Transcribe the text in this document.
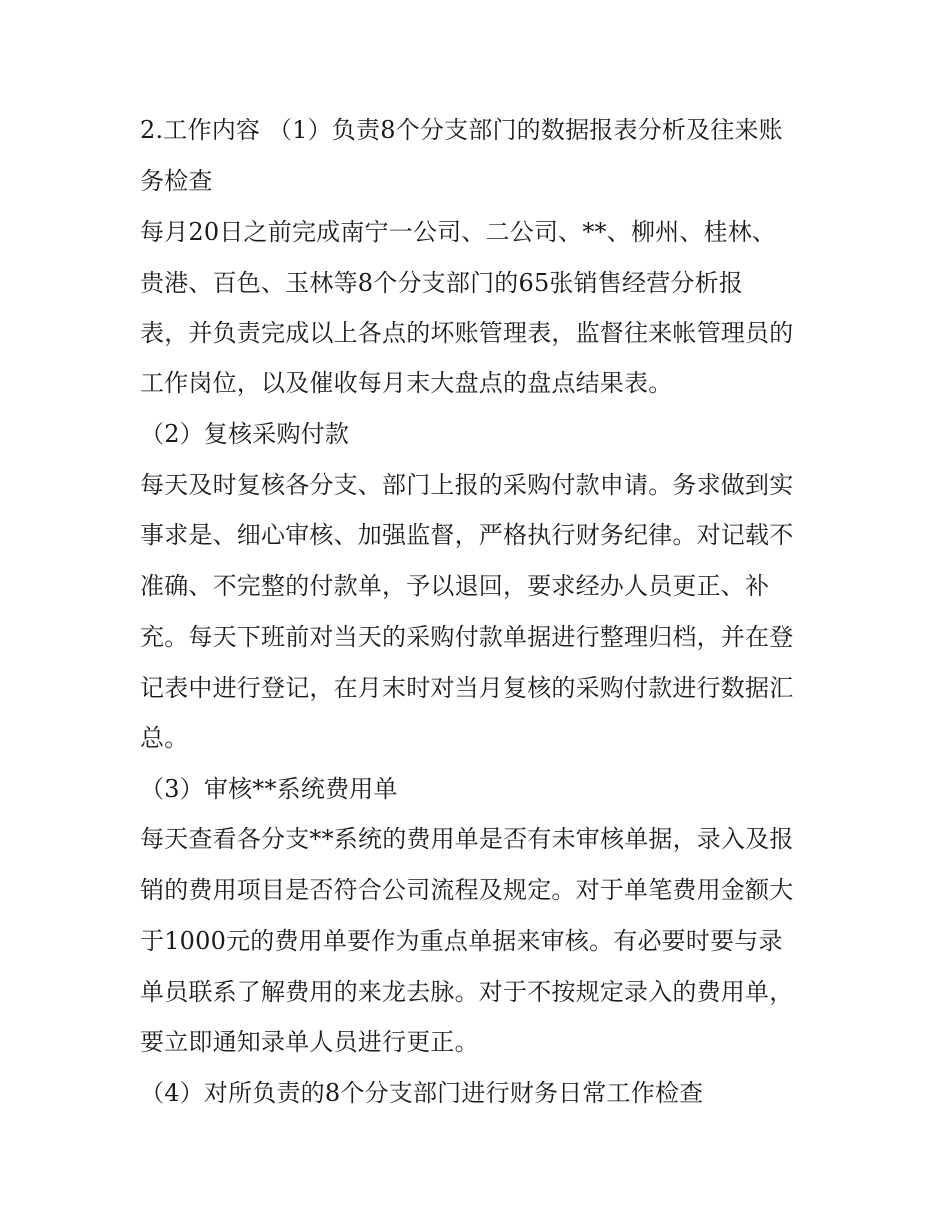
2.工作内容 （1）负责8个分支部门的数据报表分析及往来账
务检查
每月20日之前完成南宁一公司、二公司、**、柳州、桂林、
贵港、百色、玉林等8个分支部门的65张销售经营分析报
表，并负责完成以上各点的坏账管理表，监督往来帐管理员的
工作岗位，以及催收每月末大盘点的盘点结果表。
（2）复核采购付款
每天及时复核各分支、部门上报的采购付款申请。务求做到实
事求是、细心审核、加强监督，严格执行财务纪律。对记载不
准确、不完整的付款单，予以退回，要求经办人员更正、补
充。每天下班前对当天的采购付款单据进行整理归档，并在登
记表中进行登记，在月末时对当月复核的采购付款进行数据汇
总。
（3）审核**系统费用单
每天查看各分支**系统的费用单是否有未审核单据，录入及报
销的费用项目是否符合公司流程及规定。对于单笔费用金额大
于1000元的费用单要作为重点单据来审核。有必要时要与录
单员联系了解费用的来龙去脉。对于不按规定录入的费用单，
要立即通知录单人员进行更正。
（4）对所负责的8个分支部门进行财务日常工作检查
